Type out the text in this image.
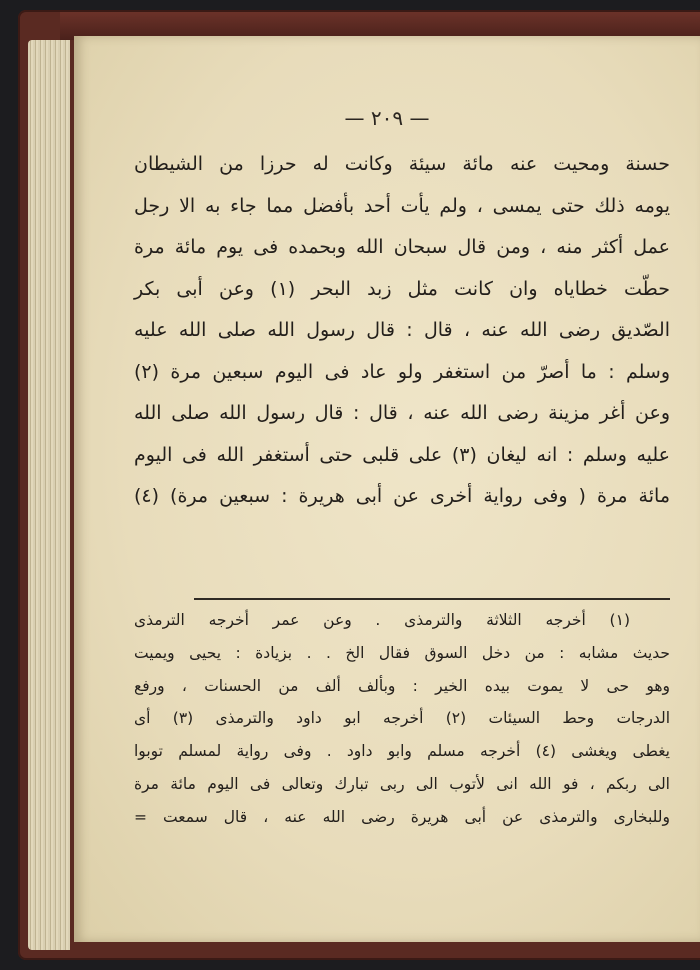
— ٢٠٩ —
حسنة ومحيت عنه مائة سيئة وكانت له حرزا من الشيطان
يومه ذلك حتى يمسى ، ولم يأت أحد بأفضل مما جاء به الا رجل
عمل أكثر منه ، ومن قال سبحان الله وبحمده فى يوم مائة مرة
حطّت خطاياه وان كانت مثل زبد البحر (١) وعن أبى بكر
الصّديق رضى الله عنه ، قال : قال رسول الله صلى الله عليه
وسلم : ما أصرّ من استغفر ولو عاد فى اليوم سبعين مرة (٢)
وعن أغر مزينة رضى الله عنه ، قال : قال رسول الله صلى الله
عليه وسلم : انه ليغان (٣) على قلبى حتى أستغفر الله فى اليوم
مائة مرة ( وفى رواية أخرى عن أبى هريرة : سبعين مرة) (٤)
(١) أخرجه الثلاثة والترمذى . وعن عمر أخرجه الترمذى
حديث مشابه : من دخل السوق فقال الخ . . بزيادة : يحيى ويميت
وهو حى لا يموت بيده الخير : وبألف ألف من الحسنات ، ورفع
الدرجات وحط السيئات (٢) أخرجه ابو داود والترمذى (٣) أى
يغطى ويغشى (٤) أخرجه مسلم وابو داود . وفى رواية لمسلم توبوا
الى ربكم ، فو الله انى لأتوب الى ربى تبارك وتعالى فى اليوم مائة مرة
وللبخارى والترمذى عن أبى هريرة رضى الله عنه ، قال سمعت =
